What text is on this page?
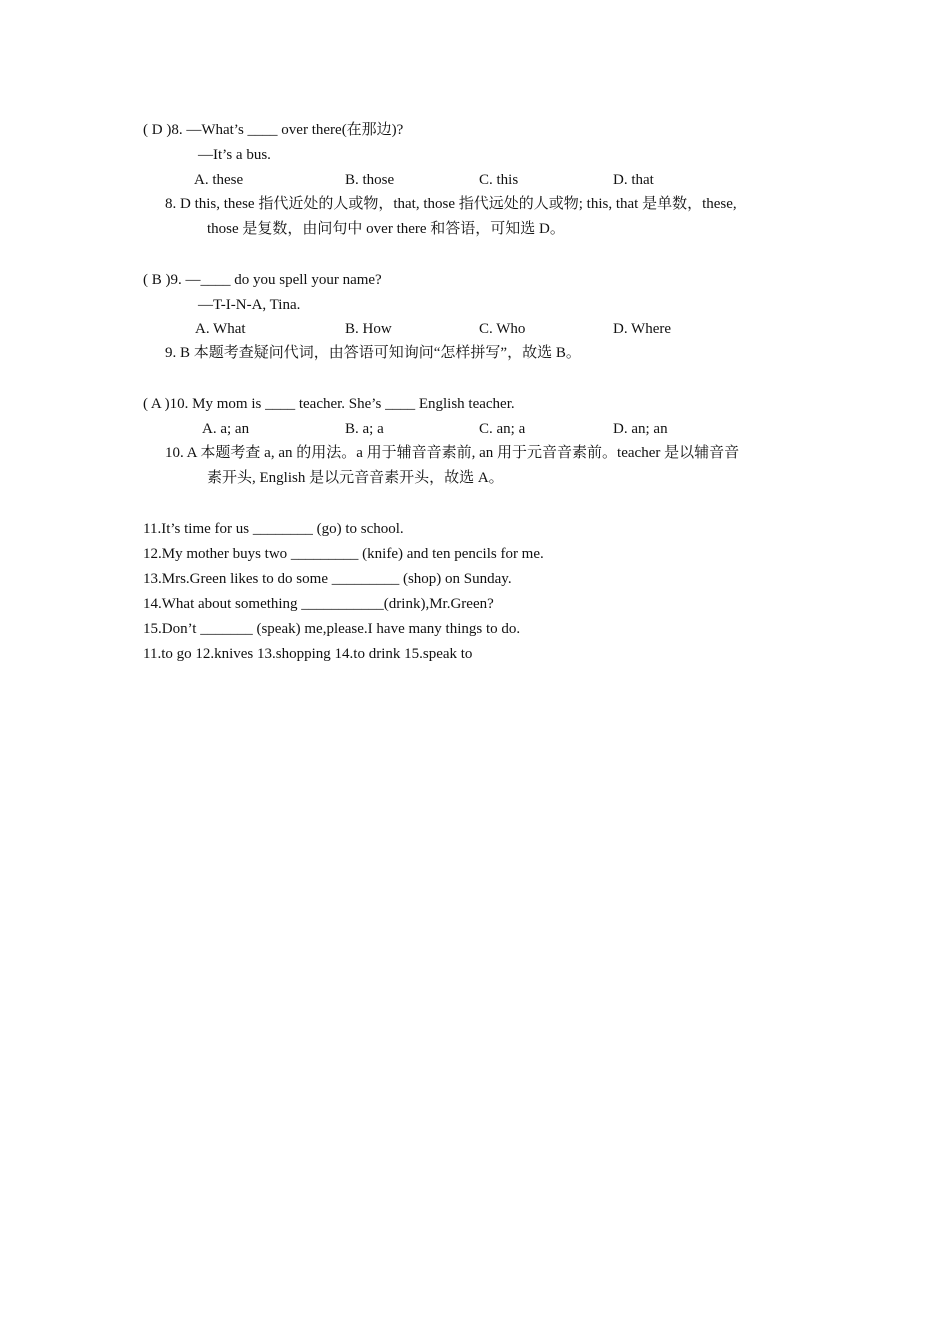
( D )8. —What’s ____ over there(在那边)?
—It’s a bus.
A. these	B. those	C. this	D. that
8. D this, these 指代近处的人或物，that, those 指代远处的人或物; this, that 是单数，these,
those 是复数，由问句中 over there 和答语，可知选 D。
( B )9. —____ do you spell your name?
—T-I-N-A, Tina.
A. What	B. How	C. Who	D. Where
9. B 本题考查疑问代词，由答语可知询问“怎样拼写”，故选 B。
( A )10. My mom is ____ teacher. She’s ____ English teacher.
A. a; an	B. a; a	C. an; a	D. an; an
10. A 本题考查 a, an 的用法。a 用于辅音音素前, an 用于元音音素前。teacher 是以辅音音
素开头, English 是以元音音素开头，故选 A。
11.It’s time for us ________ (go) to school.
12.My mother buys two _________ (knife) and ten pencils for me.
13.Mrs.Green likes to do some _________ (shop) on Sunday.
14.What about something ___________(drink),Mr.Green?
15.Don’t _______ (speak) me,please.I have many things to do.
11.to go 12.knives 13.shopping 14.to drink 15.speak to
